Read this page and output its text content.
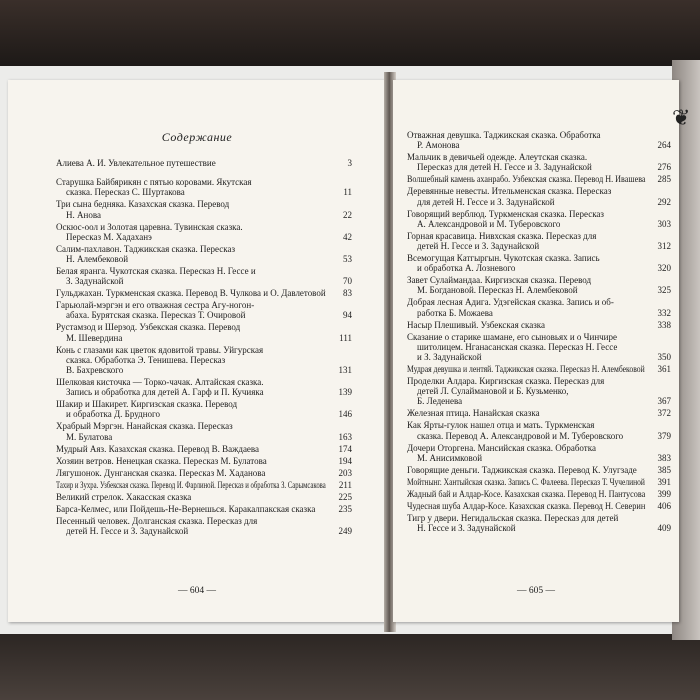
Содержание
Алиева А. И. Увлекательное путешествие	3
Старушка Байбярикян с пятью коровами. Якутская
сказка. Пересказ С. Шуртакова	11
Три сына бедняка. Казахская сказка. Перевод
Н. Анова	22
Оскюс-оол и Золотая царевна. Тувинская сказка.
Пересказ М. Хадаханэ	42
Салим-пахлавон. Таджикская сказка. Пересказ
Н. Алембековой	53
Белая яранга. Чукотская сказка. Пересказ Н. Гессе и
З. Задунайской	70
Гульджахан. Туркменская сказка. Перевод В. Чулкова и О. Давлетовой 83
Гарьюлай-мэргэн и его отважная сестра Агу-ногон-
абаха. Бурятская сказка. Пересказ Т. Очировой	94
Рустамзод и Шерзод. Узбекская сказка. Перевод
М. Шевердина	111
Конь с глазами как цветок ядовитой травы. Уйгурская
сказка. Обработка Э. Тенишева. Пересказ
В. Бахревского	131
Шелковая кисточка — Торко-чачак. Алтайская сказка.
Запись и обработка для детей А. Гарф и П. Кучияка	139
Шакир и Шакирет. Киргизская сказка. Перевод
и обработка Д. Брудного	146
Храбрый Мэргэн. Нанайская сказка. Пересказ
М. Булатова	163
Мудрый Аяз. Казахская сказка. Перевод В. Важдаева	174
Хозяин ветров. Ненецкая сказка. Пересказ М. Булатова	194
Лягушонок. Дунганская сказка. Пересказ М. Хаданова	203
Тахир и Зухра. Узбекская сказка. Перевод И. Фарлиной. Пересказ и обработка З. Сарымсакова 211
Великий стрелок. Хакасская сказка	225
Барса-Келмес, или Пойдешь-Не-Вернешься. Каракалпакская сказка	235
Песенный человек. Долганская сказка. Пересказ для
детей Н. Гессе и З. Задунайской	249
— 604 —
Отважная девушка. Таджикская сказка. Обработка
Р. Амонова	264
Мальчик в девичьей одежде. Алеутская сказка.
Пересказ для детей Н. Гессе и З. Задунайской	276
Волшебный камень аханрабо. Узбекская сказка. Перевод Н. Ивашева 285
Деревянные невесты. Ительменская сказка. Пересказ
для детей Н. Гессе и З. Задунайской	292
Говорящий верблюд. Туркменская сказка. Пересказ
А. Александровой и М. Туберовского	303
Горная красавица. Нивхская сказка. Пересказ для
детей Н. Гессе и З. Задунайской	312
Всемогущая Катгыргын. Чукотская сказка. Запись
и обработка А. Лозневого	320
Завет Сулаймандаа. Киргизская сказка. Перевод
М. Богдановой. Пересказ Н. Алембековой	325
Добрая лесная Адига. Удэгейская сказка. Запись и об-
работка Б. Можаева	332
Насыр Плешивый. Узбекская сказка	338
Сказание о старике шамане, его сыновьях и о Чинчире
шитолицем. Нганасанская сказка. Пересказ Н. Гессе
и З. Задунайской	350
Мудрая девушка и лентяй. Таджикская сказка. Пересказ Н. Алембековой 361
Проделки Алдара. Киргизская сказка. Пересказ для
детей Л. Сулаймановой и Б. Кузьменко,
Б. Леденева	367
Железная птица. Нанайская сказка	372
Как Ярты-гулок нашел отца и мать. Туркменская
сказка. Перевод А. Александровой и М. Туберовского	379
Дочери Оторгена. Мансийская сказка. Обработка
М. Анисимковой	383
Говорящие деньги. Таджикская сказка. Перевод К. Улугзаде 385
Мойтнынг. Хантыйская сказка. Запись С. Фалеева. Пересказ Т. Чучелиной 391
Жадный бай и Алдар-Косе. Казахская сказка. Перевод Н. Пантусова 399
Чудесная шуба Алдар-Косе. Казахская сказка. Перевод Н. Северин 406
Тигр у двери. Негидальская сказка. Пересказ для детей
Н. Гессе и З. Задунайской	409
— 605 —
❦
